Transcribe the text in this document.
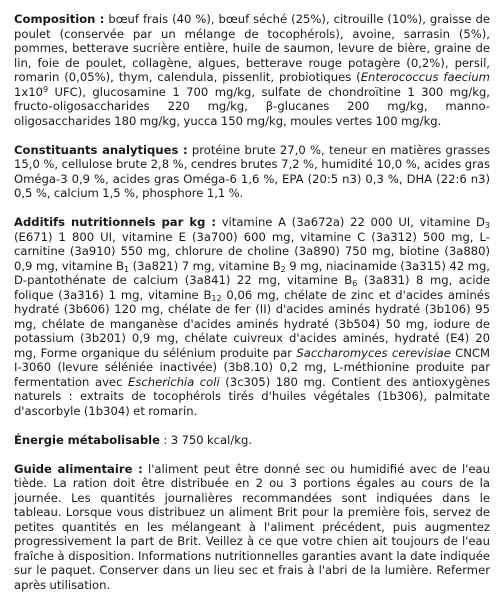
Composition : bœuf frais (40 %), bœuf séché (25%), citrouille (10%), graisse de poulet (conservée par un mélange de tocophérols), avoine, sarrasin (5%), pommes, betterave sucrière entière, huile de saumon, levure de bière, graine de lin, foie de poulet, collagène, algues, betterave rouge potagère (0,2%), persil, romarin (0,05%), thym, calendula, pissenlit, probiotiques (Enterococcus faecium $1x10^9$ UFC), glucosamine 1 700 mg/kg, sulfate de chondroïtine 1 300 mg/kg, fructo-oligosaccharides 220 mg/kg, β-glucanes 200 mg/kg, manno-oligosaccharides 180 mg/kg, yucca 150 mg/kg, moules vertes 100 mg/kg.

Constituants analytiques : protéine brute 27,0 %, teneur en matières grasses 15,0 %, cellulose brute 2,8 %, cendres brutes 7,2 %, humidité 10,0 %, acides gras Oméga-3 0,9 %, acides gras Oméga-6 1,6 %, EPA (20:5 n3) 0,3 %, DHA (22:6 n3) 0,5 %, calcium 1,5 %, phosphore 1,1 %.

Additifs nutritionnels par kg : vitamine A (3a672a) 22 000 UI, vitamine D3 (E671) 1 800 UI, vitamine E (3a700) 600 mg, vitamine C (3a312) 500 mg, L-carnitine (3a910) 550 mg, chlorure de choline (3a890) 750 mg, biotine (3a880) 0,9 mg, vitamine B1 (3a821) 7 mg, vitamine B2 9 mg, niacinamide (3a315) 42 mg, D-pantothénate de calcium (3a841) 22 mg, vitamine B6 (3a831) 8 mg, acide folique (3a316) 1 mg, vitamine B12 0,06 mg, chélate de zinc et d'acides aminés hydraté (3b606) 120 mg, chélate de fer (II) d'acides aminés hydraté (3b106) 95 mg, chélate de manganèse d'acides aminés hydraté (3b504) 50 mg, iodure de potassium (3b201) 0,9 mg, chélate cuivreux d'acides aminés, hydraté (E4) 20 mg, Forme organique du sélénium produite par Saccharomyces cerevisiae CNCM I-3060 (levure séléniée inactivée) (3b8.10) 0,2 mg, L-méthionine produite par fermentation avec Escherichia coli (3c305) 180 mg. Contient des antioxygènes naturels : extraits de tocophérols tirés d'huiles végétales (1b306), palmitate d'ascorbyle (1b304) et romarin.

Énergie métabolisable : 3 750 kcal/kg.

Guide alimentaire : l'aliment peut être donné sec ou humidifié avec de l'eau tiède. La ration doit être distribuée en 2 ou 3 portions égales au cours de la journée. Les quantités journalières recommandées sont indiquées dans le tableau. Lorsque vous distribuez un aliment Brit pour la première fois, servez de petites quantités en les mélangeant à l'aliment précédent, puis augmentez progressivement la part de Brit. Veillez à ce que votre chien ait toujours de l'eau fraîche à disposition. Informations nutritionnelles garanties avant la date indiquée sur le paquet. Conserver dans un lieu sec et frais à l'abri de la lumière. Refermer après utilisation.
